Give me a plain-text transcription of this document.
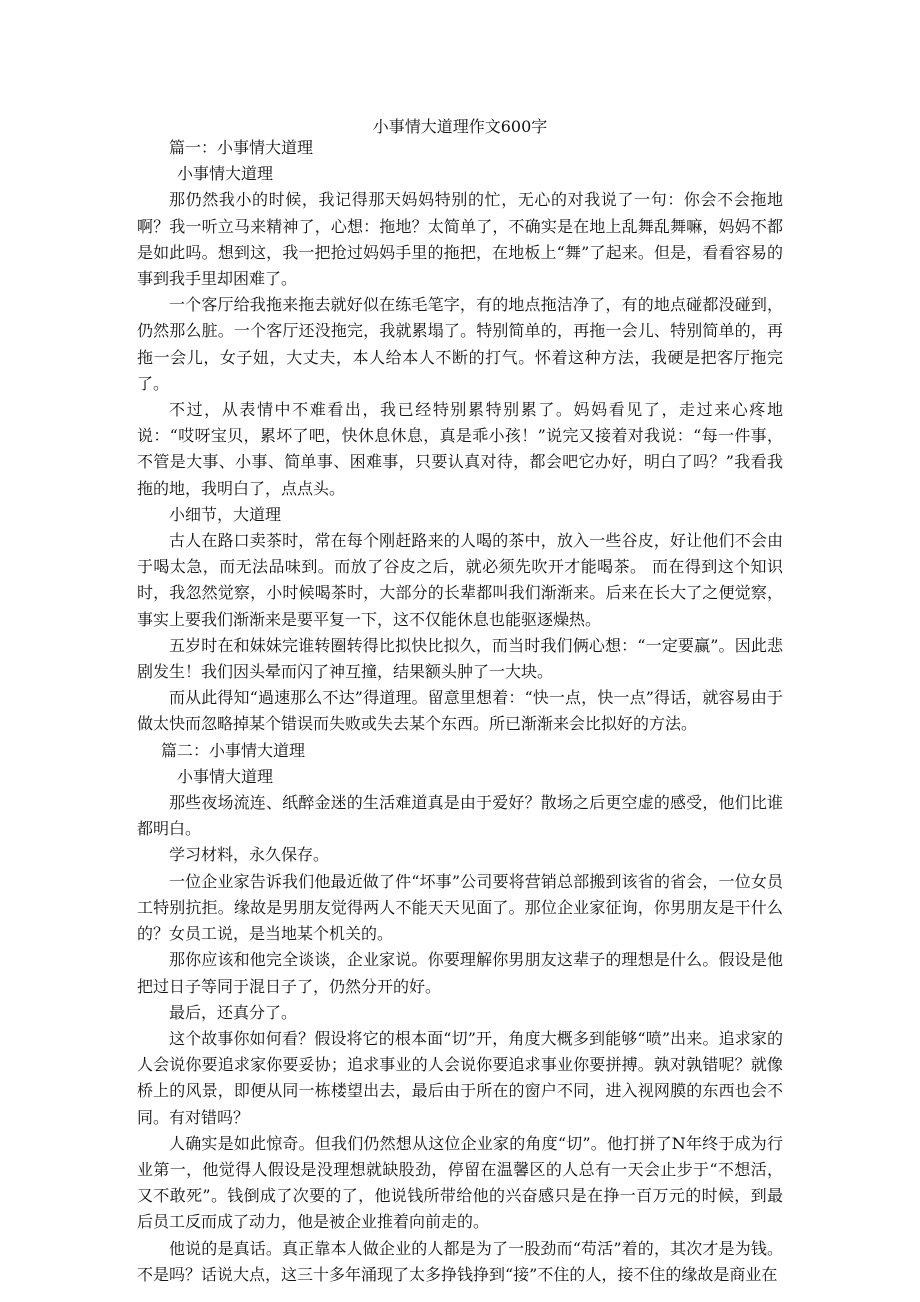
小事情大道理作文600字

篇一：小事情大道理

小事情大道理

那仍然我小的时候，我记得那天妈妈特别的忙，无心的对我说了一句：你会不会拖地啊？我一听立马来精神了，心想：拖地？太简单了，不确实是在地上乱舞乱舞嘛，妈妈不都是如此吗。想到这，我一把抢过妈妈手里的拖把，在地板上“舞”了起来。但是，看看容易的事到我手里却困难了。

一个客厅给我拖来拖去就好似在练毛笔字，有的地点拖洁净了，有的地点碰都没碰到，仍然那么脏。一个客厅还没拖完，我就累塌了。特别简单的，再拖一会儿、特别简单的，再拖一会儿，女子妞，大丈夫，本人给本人不断的打气。怀着这种方法，我硬是把客厅拖完了。

不过，从表情中不难看出，我已经特别累特别累了。妈妈看见了，走过来心疼地说：“哎呀宝贝，累坏了吧，快休息休息，真是乖小孩！”说完又接着对我说：“每一件事，不管是大事、小事、简单事、困难事，只要认真对待，都会吧它办好，明白了吗？”我看我拖的地，我明白了，点点头。

小细节，大道理

古人在路口卖茶时，常在每个刚赶路来的人喝的茶中，放入一些谷皮，好让他们不会由于喝太急，而无法品味到。而放了谷皮之后，就必须先吹开才能喝茶。 而在得到这个知识时，我忽然觉察，小时候喝茶时，大部分的长辈都叫我们渐渐来。后来在长大了之便觉察，事实上要我们渐渐来是要平复一下，这不仅能休息也能驱逐燥热。

五岁时在和妹妹完谁转圈转得比拟快比拟久，而当时我们俩心想：“一定要赢”。因此悲剧发生！我们因头晕而闪了神互撞，结果额头肿了一大块。

而从此得知“過速那么不达”得道理。留意里想着：“快一点，快一点”得话，就容易由于做太快而忽略掉某个错误而失败或失去某个东西。所已渐渐来会比拟好的方法。

篇二：小事情大道理

小事情大道理

那些夜场流连、纸醉金迷的生活难道真是由于爱好？散场之后更空虚的感受，他们比谁都明白。

学习材料，永久保存。

一位企业家告诉我们他最近做了件“坏事”公司要将营销总部搬到该省的省会，一位女员工特别抗拒。缘故是男朋友觉得两人不能天天见面了。那位企业家征询，你男朋友是干什么的？女员工说，是当地某个机关的。

那你应该和他完全谈谈，企业家说。你要理解你男朋友这辈子的理想是什么。假设是他把过日子等同于混日子了，仍然分开的好。

最后，还真分了。

这个故事你如何看？假设将它的根本面“切”开，角度大概多到能够“喷”出来。追求家的人会说你要追求家你要妥协；追求事业的人会说你要追求事业你要拼搏。孰对孰错呢？就像桥上的风景，即便从同一栋楼望出去，最后由于所在的窗户不同，进入视网膜的东西也会不同。有对错吗？

人确实是如此惊奇。但我们仍然想从这位企业家的角度“切”。他打拼了N年终于成为行业第一，他觉得人假设是没理想就缺股劲，停留在温馨区的人总有一天会止步于“不想活，又不敢死”。钱倒成了次要的了，他说钱所带给他的兴奋感只是在挣一百万元的时候，到最后员工反而成了动力，他是被企业推着向前走的。

他说的是真话。真正靠本人做企业的人都是为了一股劲而“苟活”着的，其次才是为钱。不是吗？话说大点，这三十多年涌现了太多挣钱挣到“接”不住的人，接不住的缘故是商业在
